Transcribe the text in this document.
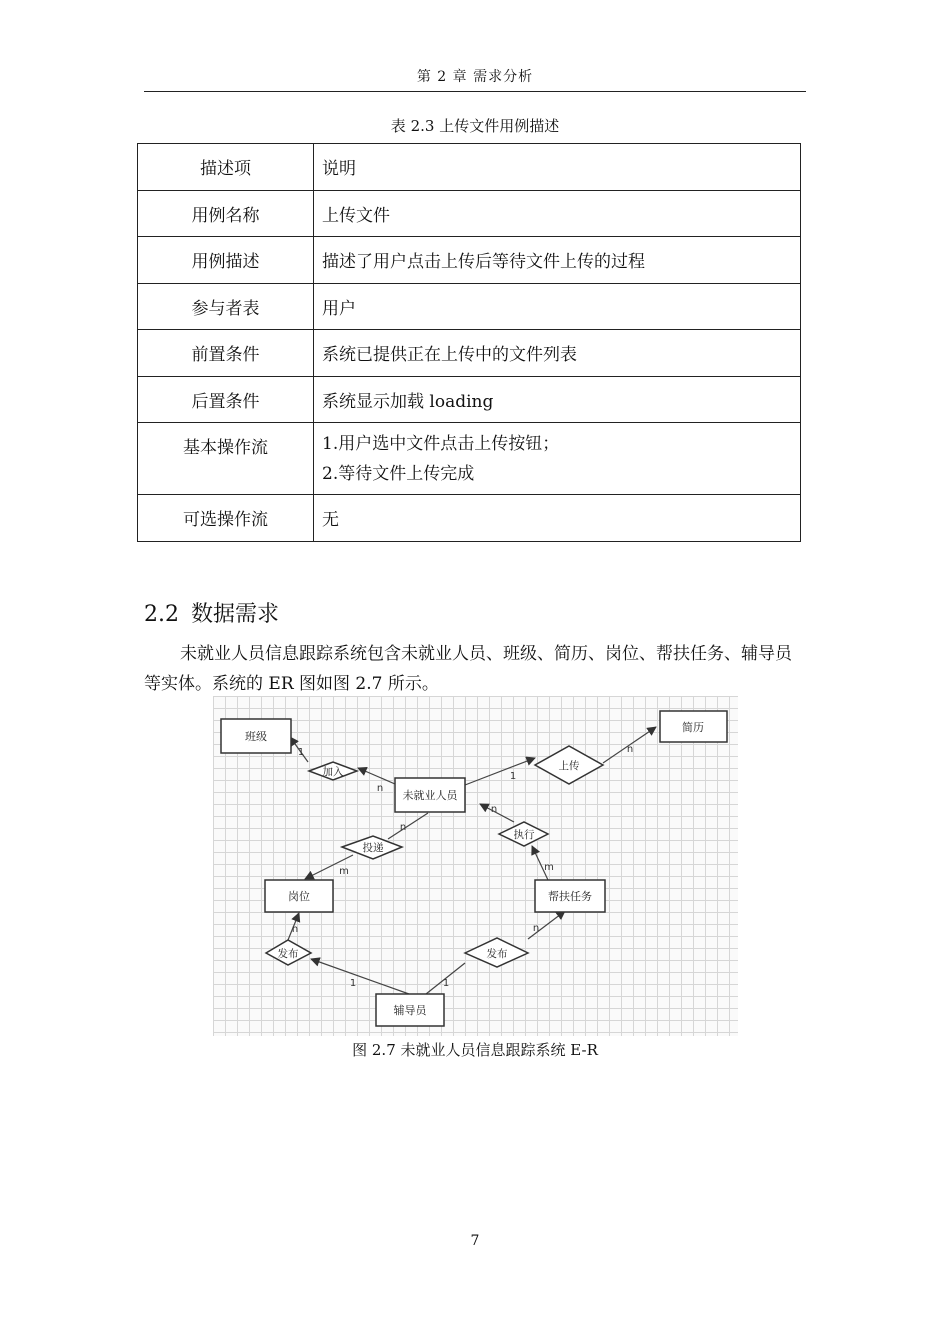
第 2 章 需求分析
表 2.3 上传文件用例描述
描述项	说明
用例名称	上传文件
用例描述	描述了用户点击上传后等待文件上传的过程
参与者表	用户
前置条件	系统已提供正在上传中的文件列表
后置条件	系统显示加载 loading
基本操作流	1.用户选中文件点击上传按钮；
2.等待文件上传完成

可选操作流	无
2.2 数据需求
未就业人员信息跟踪系统包含未就业人员、班级、简历、岗位、帮扶任务、辅导员等实体。系统的 ER 图如图 2.7 所示。
班级
简历
未就业人员
岗位	帮扶任务
辅导员
加入	上传
投递
执行
发布	发布
1
n
1
n
n
m
n
m
n
1	1
n
图 2.7 未就业人员信息跟踪系统 E-R
7
